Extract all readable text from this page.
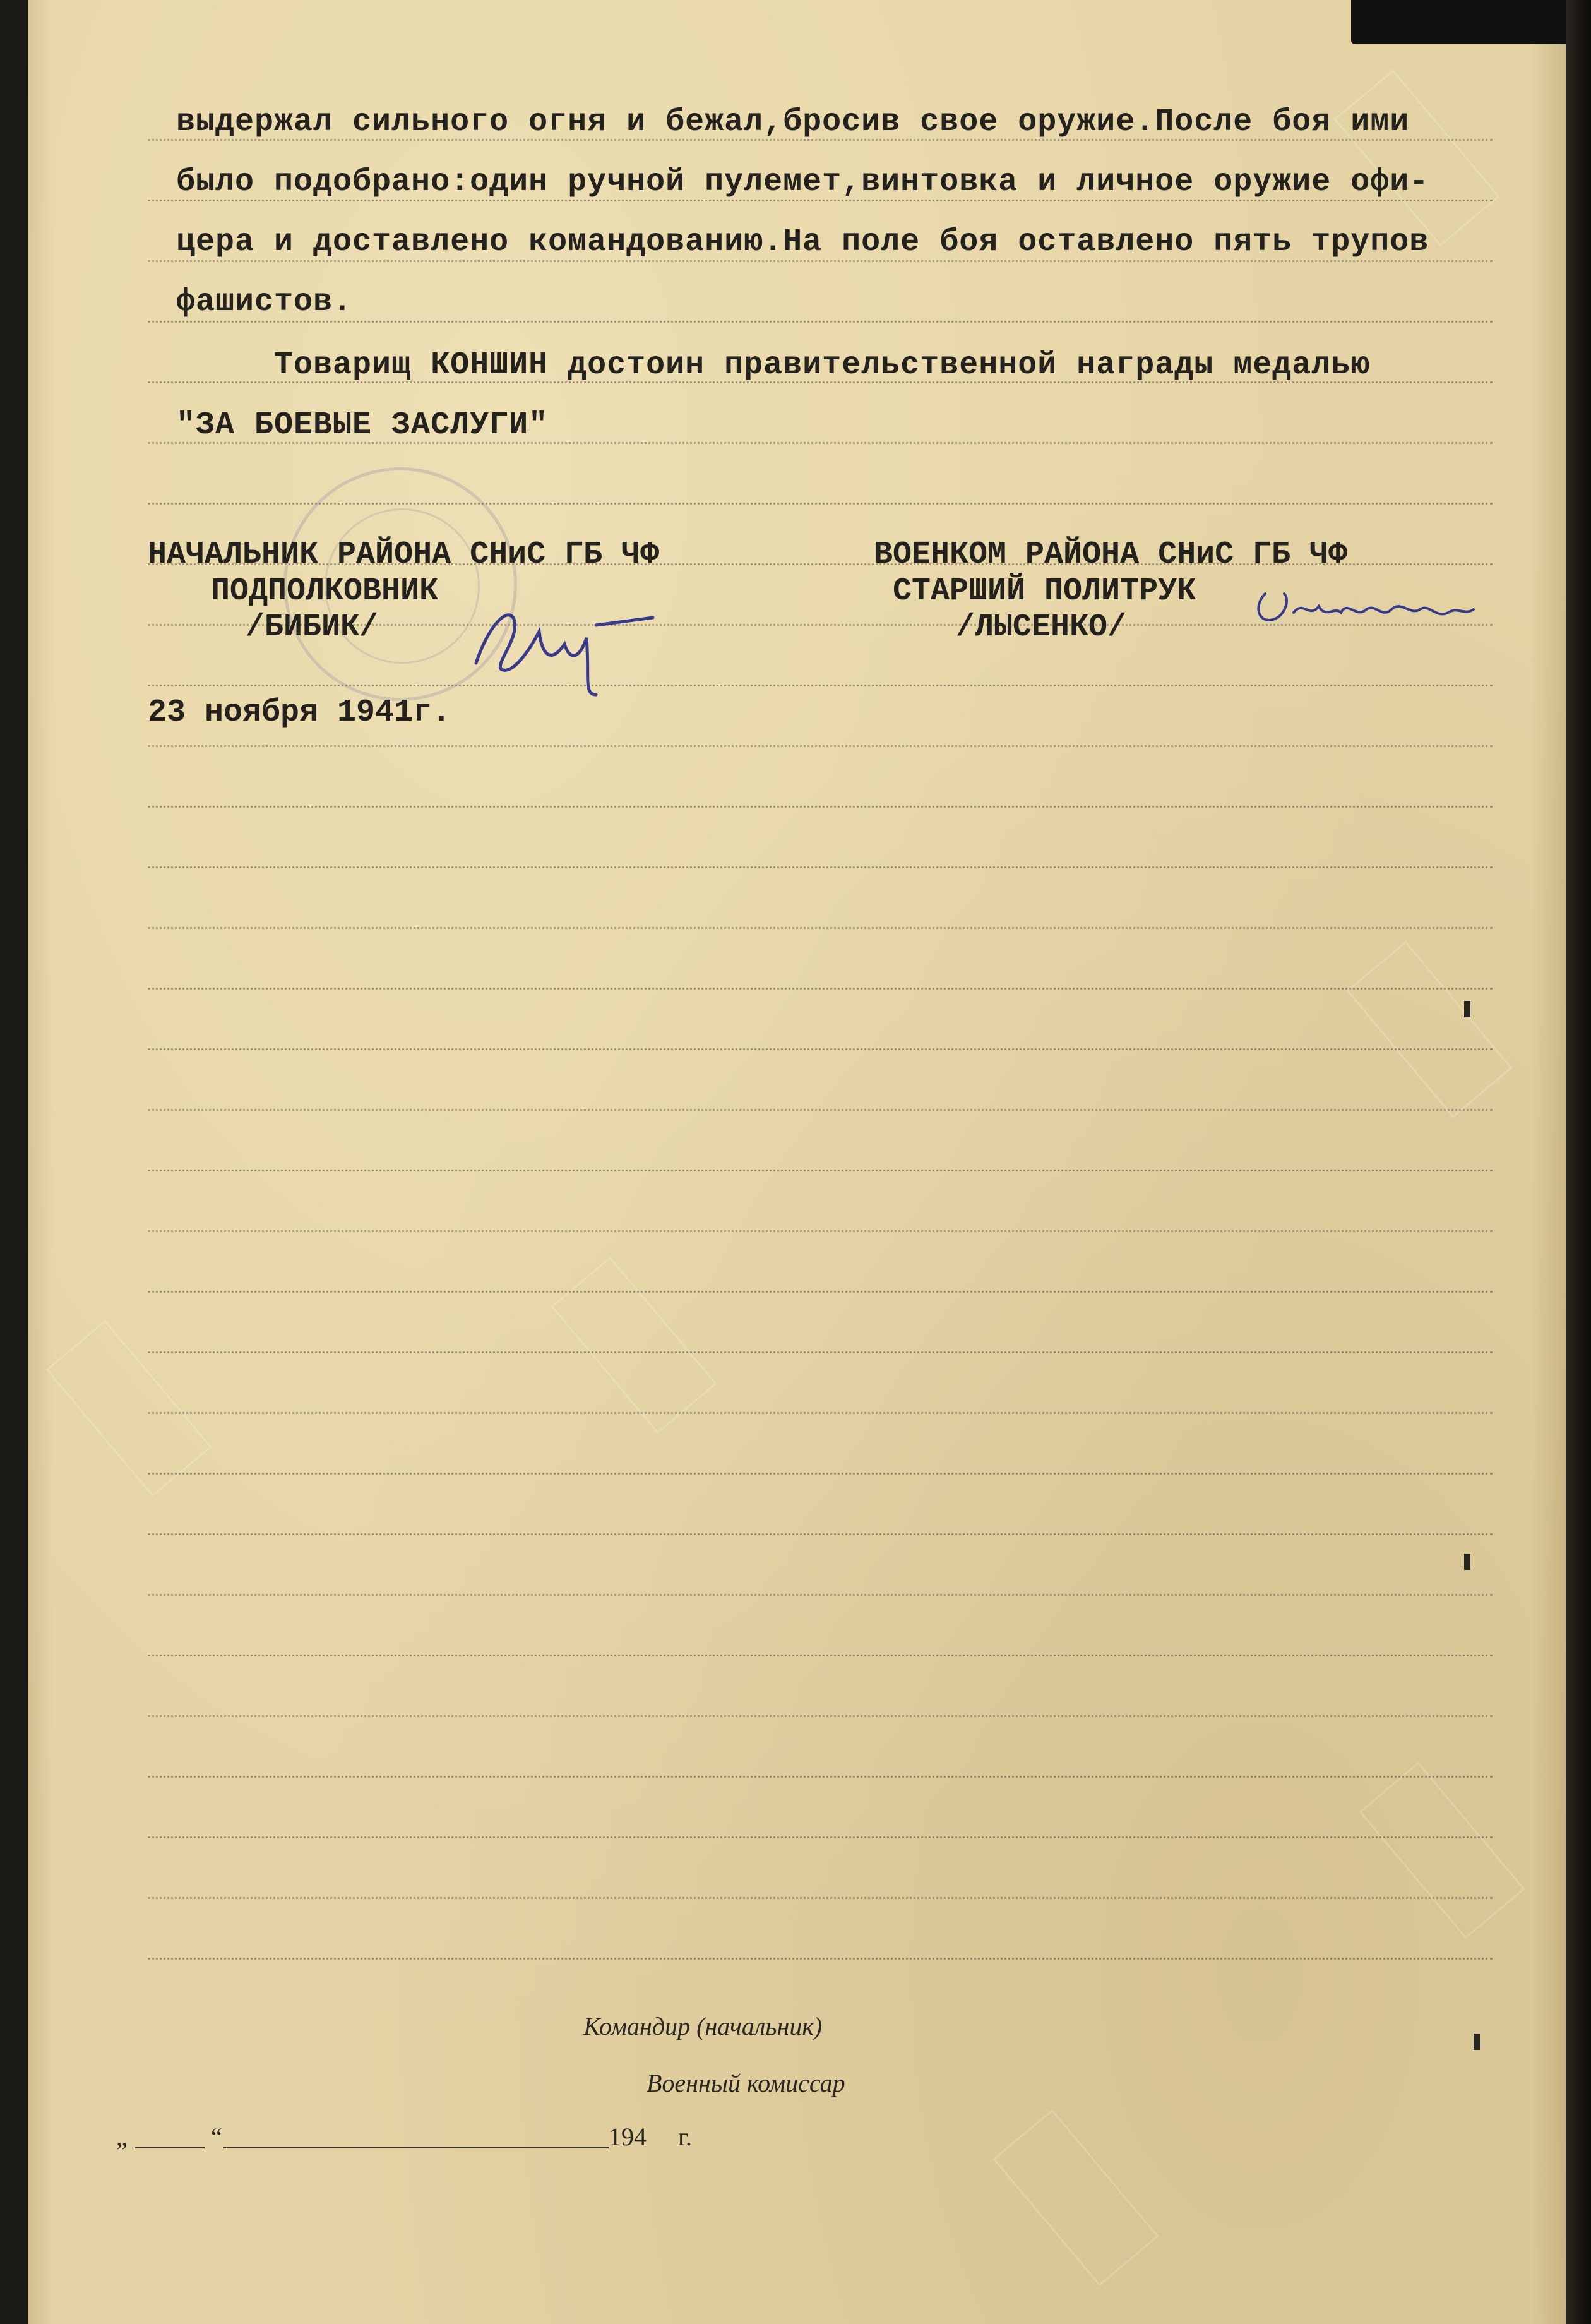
выдержал сильного огня и бежал,бросив свое оружие.После боя ими
было подобрано:один ручной пулемет,винтовка и личное оружие офи-
цера и доставлено командованию.На поле боя оставлено пять трупов
фашистов.
Товарищ КОНШИН достоин правительственной награды медалью
"ЗА БОЕВЫЕ ЗАСЛУГИ"
НАЧАЛЬНИК РАЙОНА СНиС ГБ ЧФ
ПОДПОЛКОВНИК
/БИБИК/
ВОЕНКОМ РАЙОНА СНиС ГБ ЧФ
СТАРШИЙ ПОЛИТРУК
/ЛЫСЕНКО/
23 ноября 1941г.
Командир (начальник)
Военный комиссар
„	“	194 г.
